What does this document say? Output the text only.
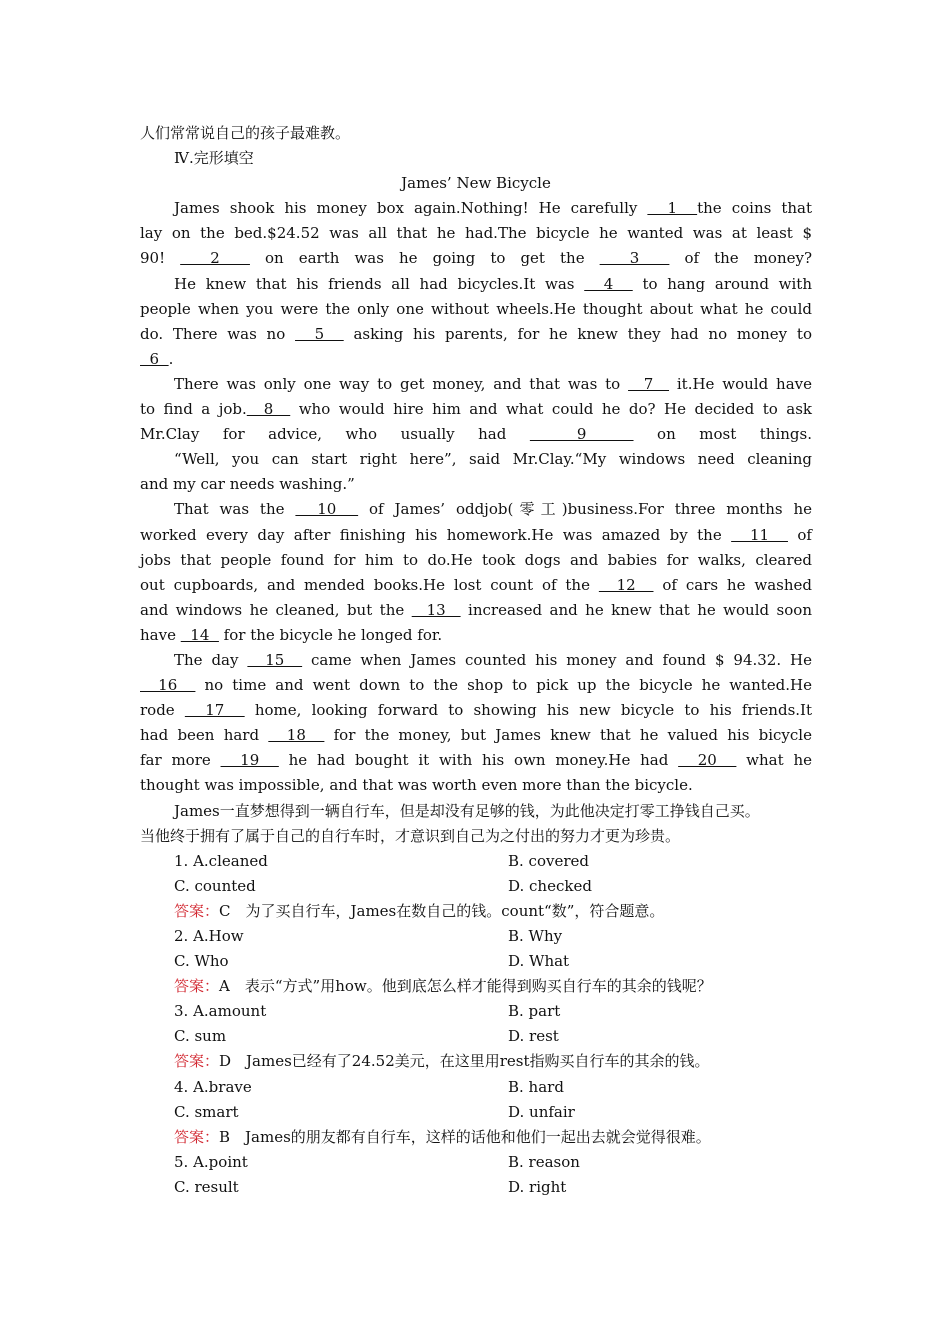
人们常常说自己的孩子最难教。
Ⅳ.完形填空
James’ New Bicycle
James shook his money box again.Nothing! He carefully   1  the coins that
lay on the bed.$24.52 was all that he had.The bicycle he wanted was at least $
90!   2   on earth was he going to get the   3   of the money?
He knew that his friends all had bicycles.It was   4   to hang around with
people when you were the only one without wheels.He thought about what he could
do. There was no   5   asking his parents, for he knew they had no money to
6  .
There was only one way to get money, and that was to   7   it.He would have
to find a job.  8   who would hire him and what could he do? He decided to ask
Mr.Clay for advice, who usually had   9   on most things.
“Well, you can start right here”, said Mr.Clay.“My windows need cleaning
and my car needs washing.”
That was the   10   of James’ oddjob(零工)business.For three months he
worked every day after finishing his homework.He was amazed by the   11   of
jobs that people found for him to do.He took dogs and babies for walks, cleared
out cupboards, and mended books.He lost count of the   12   of cars he washed
and windows he cleaned, but the   13   increased and he knew that he would soon
have   14   for the bicycle he longed for.
The day   15   came when James counted his money and found $ 94.32. He
16   no time and went down to the shop to pick up the bicycle he wanted.He
rode   17   home, looking forward to showing his new bicycle to his friends.It
had been hard   18   for the money, but James knew that he valued his bicycle
far more   19   he had bought it with his own money.He had   20   what he
thought was impossible, and that was worth even more than the bicycle.
James一直梦想得到一辆自行车，但是却没有足够的钱，为此他决定打零工挣钱自己买。
当他终于拥有了属于自己的自行车时，才意识到自己为之付出的努力才更为珍贵。
1. A.cleaned	B. covered
C. counted	D. checked
答案：C　为了买自行车，James在数自己的钱。count“数”，符合题意。
2. A.How	B. Why
C. Who	D. What
答案：A　表示“方式”用how。他到底怎么样才能得到购买自行车的其余的钱呢？
3. A.amount	B. part
C. sum	D. rest
答案：D　James已经有了24.52美元，在这里用rest指购买自行车的其余的钱。
4. A.brave	B. hard
C. smart	D. unfair
答案：B　James的朋友都有自行车，这样的话他和他们一起出去就会觉得很难。
5. A.point	B. reason
C. result	D. right
